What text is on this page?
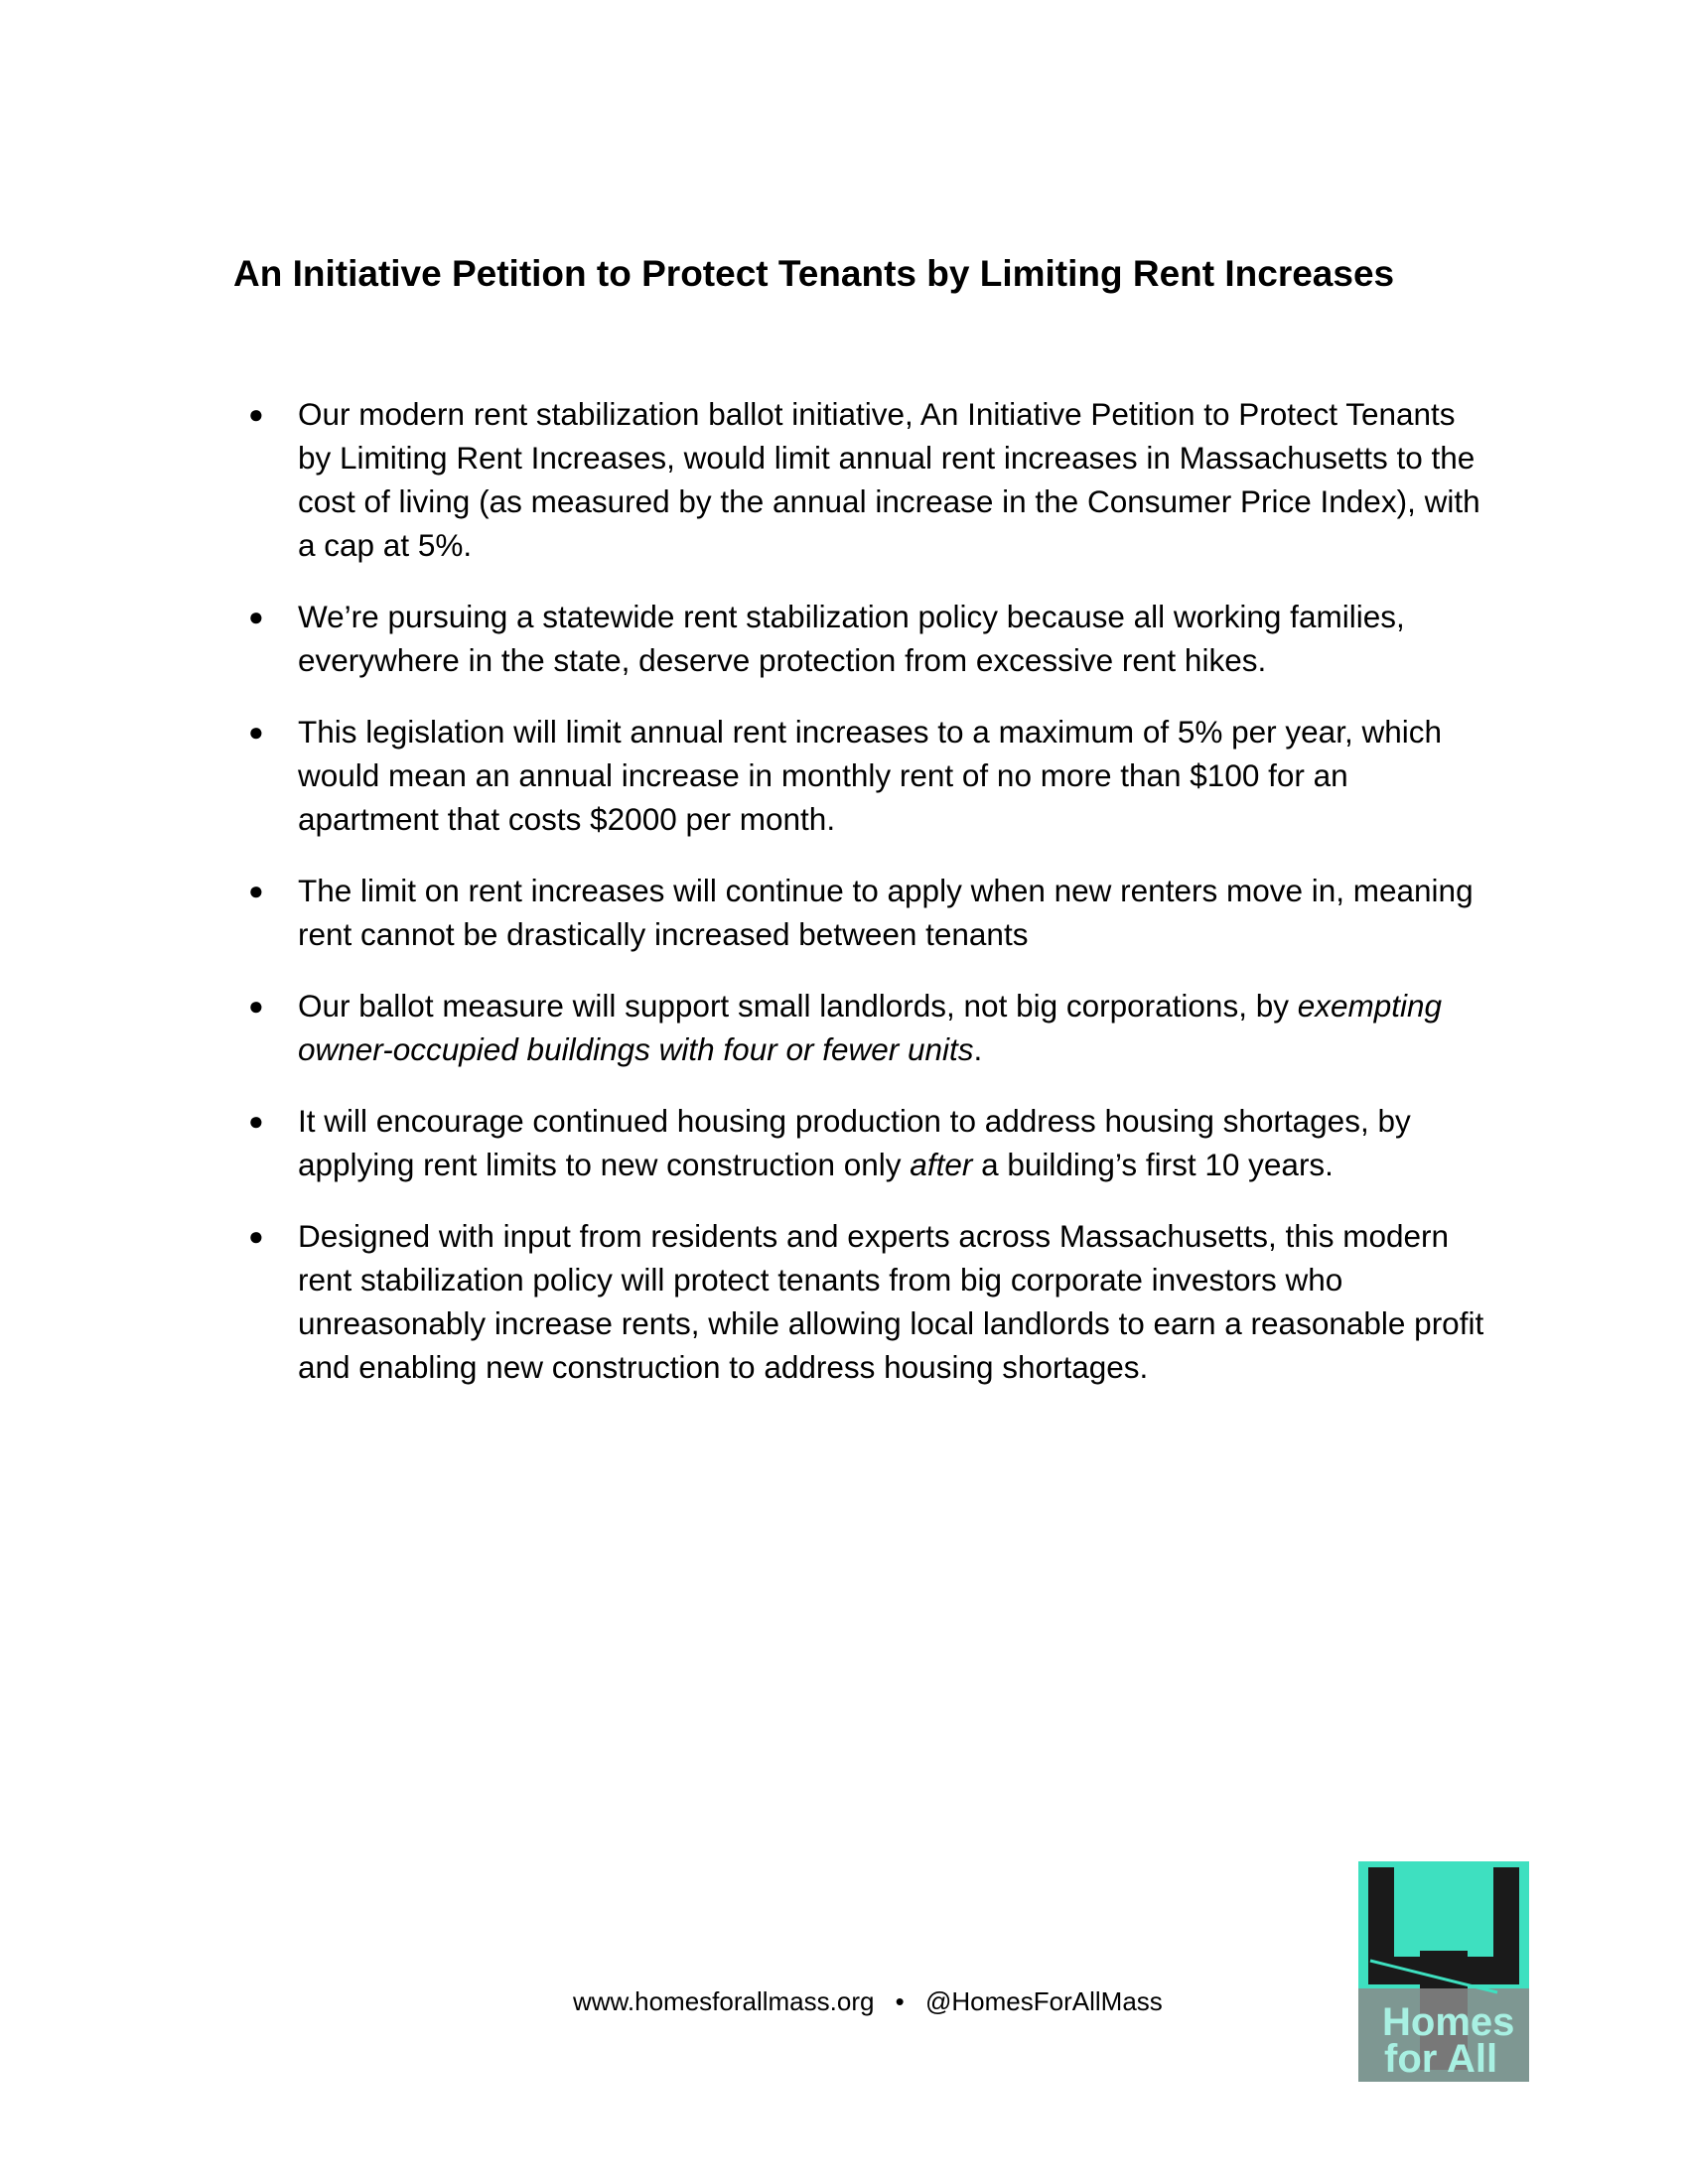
An Initiative Petition to Protect Tenants by Limiting Rent Increases
●	Our modern rent stabilization ballot initiative, An Initiative Petition to Protect Tenants by Limiting Rent Increases, would limit annual rent increases in Massachusetts to the cost of living (as measured by the annual increase in the Consumer Price Index), with a cap at 5%.
●	We’re pursuing a statewide rent stabilization policy because all working families, everywhere in the state, deserve protection from excessive rent hikes.
●	This legislation will limit annual rent increases to a maximum of 5% per year, which would mean an annual increase in monthly rent of no more than $100 for an apartment that costs $2000 per month.
●	The limit on rent increases will continue to apply when new renters move in, meaning rent cannot be drastically increased between tenants
●	Our ballot measure will support small landlords, not big corporations, by exempting owner-occupied buildings with four or fewer units.
●	It will encourage continued housing production to address housing shortages, by applying rent limits to new construction only after a building’s first 10 years.
●	Designed with input from residents and experts across Massachusetts, this modern rent stabilization policy will protect tenants from big corporate investors who unreasonably increase rents, while allowing local landlords to earn a reasonable profit and enabling new construction to address housing shortages.
www.homesforallmass.org • @HomesForAllMass	Homes
for All
